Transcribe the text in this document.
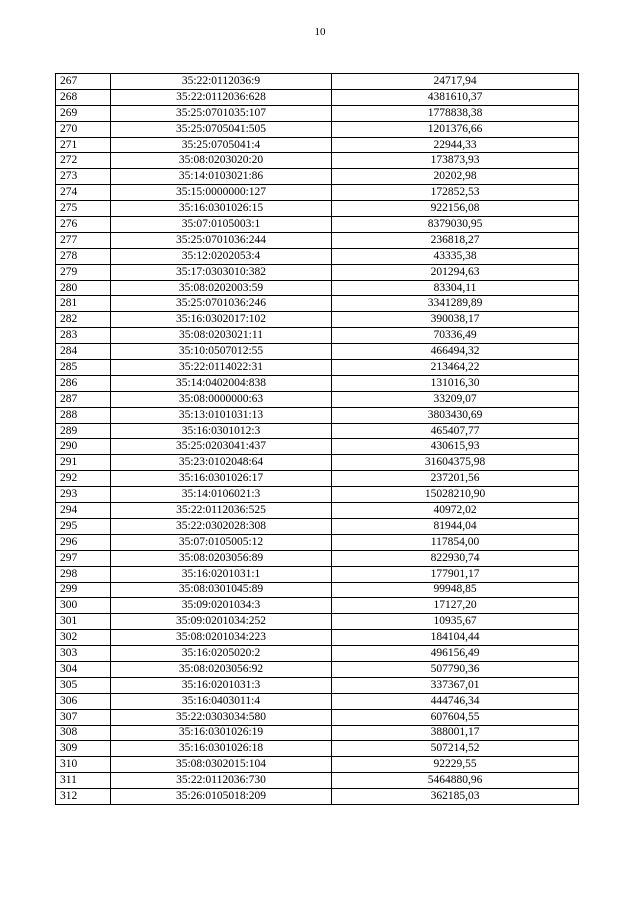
10
267	35:22:0112036:9	24717,94
268	35:22:0112036:628	4381610,37
269	35:25:0701035:107	1778838,38
270	35:25:0705041:505	1201376,66
271	35:25:0705041:4	22944,33
272	35:08:0203020:20	173873,93
273	35:14:0103021:86	20202,98
274	35:15:0000000:127	172852,53
275	35:16:0301026:15	922156,08
276	35:07:0105003:1	8379030,95
277	35:25:0701036:244	236818,27
278	35:12:0202053:4	43335,38
279	35:17:0303010:382	201294,63
280	35:08:0202003:59	83304,11
281	35:25:0701036:246	3341289,89
282	35:16:0302017:102	390038,17
283	35:08:0203021:11	70336,49
284	35:10:0507012:55	466494,32
285	35:22:0114022:31	213464,22
286	35:14:0402004:838	131016,30
287	35:08:0000000:63	33209,07
288	35:13:0101031:13	3803430,69
289	35:16:0301012:3	465407,77
290	35:25:0203041:437	430615,93
291	35:23:0102048:64	31604375,98
292	35:16:0301026:17	237201,56
293	35:14:0106021:3	15028210,90
294	35:22:0112036:525	40972,02
295	35:22:0302028:308	81944,04
296	35:07:0105005:12	117854,00
297	35:08:0203056:89	822930,74
298	35:16:0201031:1	177901,17
299	35:08:0301045:89	99948,85
300	35:09:0201034:3	17127,20
301	35:09:0201034:252	10935,67
302	35:08:0201034:223	184104,44
303	35:16:0205020:2	496156,49
304	35:08:0203056:92	507790,36
305	35:16:0201031:3	337367,01
306	35:16:0403011:4	444746,34
307	35:22:0303034:580	607604,55
308	35:16:0301026:19	388001,17
309	35:16:0301026:18	507214,52
310	35:08:0302015:104	92229,55
311	35:22:0112036:730	5464880,96
312	35:26:0105018:209	362185,03
